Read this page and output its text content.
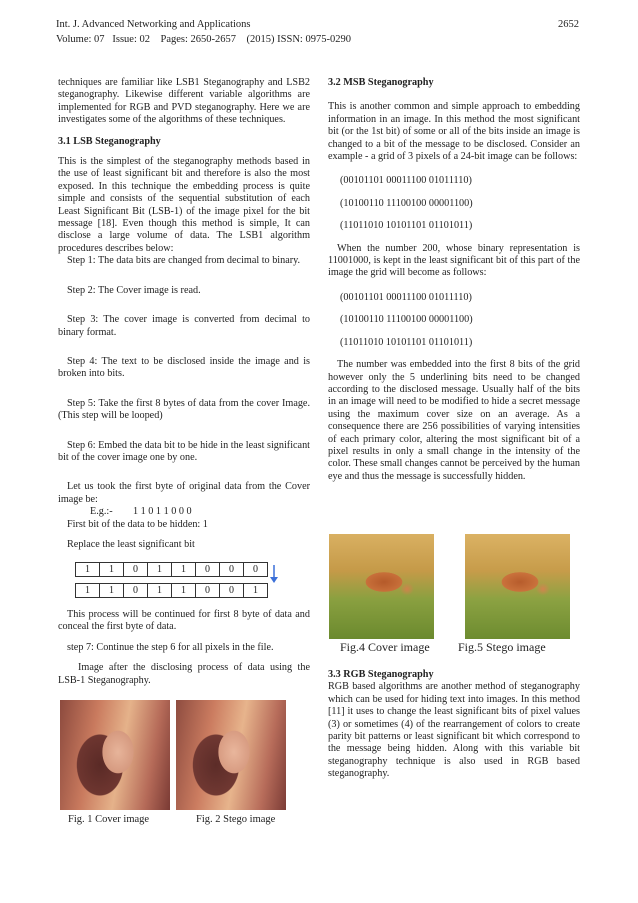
Int. J. Advanced Networking and Applications	2652
Volume: 07   Issue: 02    Pages: 2650-2657    (2015) ISSN: 0975-0290

techniques are familiar like LSB1 Steganography and LSB2 steganography. Likewise different variable algorithms are implemented for RGB and PVD steganography. Here we are investigates some of the algorithms of these techniques.

3.1 LSB Steganography

This is the simplest of the steganography methods based in the use of least significant bit and therefore is also the most exposed. In this technique the embedding process is quite simple and consists of the sequential substitution of each Least Significant Bit (LSB-1) of the image pixel for the bit message [18]. Even though this method is simple, It can disclose a large volume of data. The LSB1 algorithm procedures describes below:

Step 1: The data bits are changed from decimal to binary.

Step 2: The Cover image is read.

Step 3: The cover image is converted from decimal to binary format.

Step 4: The text to be disclosed inside the image and is broken into bits.

Step 5: Take the first 8 bytes of data from the cover Image. (This step will be looped)

Step 6: Embed the data bit to be hide in the least significant bit of the cover image one by one.

Let us took the first byte of original data from the Cover image be:

E.g.:-        1 1 0 1 1 0 0 0

First bit of the data to be hidden: 1

Replace the least significant bit

1	1	0	1	1	0	0	0
1	1	0	1	1	0	0	1

This process will be continued for first 8 byte of data and conceal the first byte of data.

step 7: Continue the step 6 for all pixels in the file.

Image after the disclosing process of data using the LSB-1 Steganography.

Fig. 1 Cover image	Fig. 2 Stego image

3.2 MSB Steganography

This is another common and simple approach to embedding information in an image. In this method the most significant bit (or the 1st bit) of some or all of the bits inside an image is changed to a bit of the message to be disclosed. Consider an example - a grid of 3 pixels of a 24-bit image can be follows:

(00101101 00011100 01011110)

(10100110 11100100 00001100)

(11011010 10101101 01101011)

When the number 200, whose binary representation is 11001000, is kept in the least significant bit of this part of the image the grid will become as follows:

(00101101 00011100 01011110)

(10100110 11100100 00001100)

(11011010 10101101 01101011)

The number was embedded into the first 8 bits of the grid however only the 5 underlining bits need to be changed according to the disclosed message. Usually half of the bits in an image will need to be modified to hide a secret message using the maximum cover size on an average. As a consequence there are 256 possibilities of varying intensities of each primary color, altering the most significant bit of a pixel results in only a small change in the intensity of the color. These small changes cannot be perceived by the human eye and thus the message is successfully hidden.

Fig.4 Cover image Fig.5 Stego image

3.3 RGB Steganography

RGB based algorithms are another method of steganography which can be used for hiding text into images. In this method [11] it uses to change the least significant bits of pixel values (3) or sometimes (4) of the rearrangement of colors to create parity bit patterns or least significant bit which correspond to the message being hidden. Along with this variable bit steganography technique is also used in RGB based steganography.
